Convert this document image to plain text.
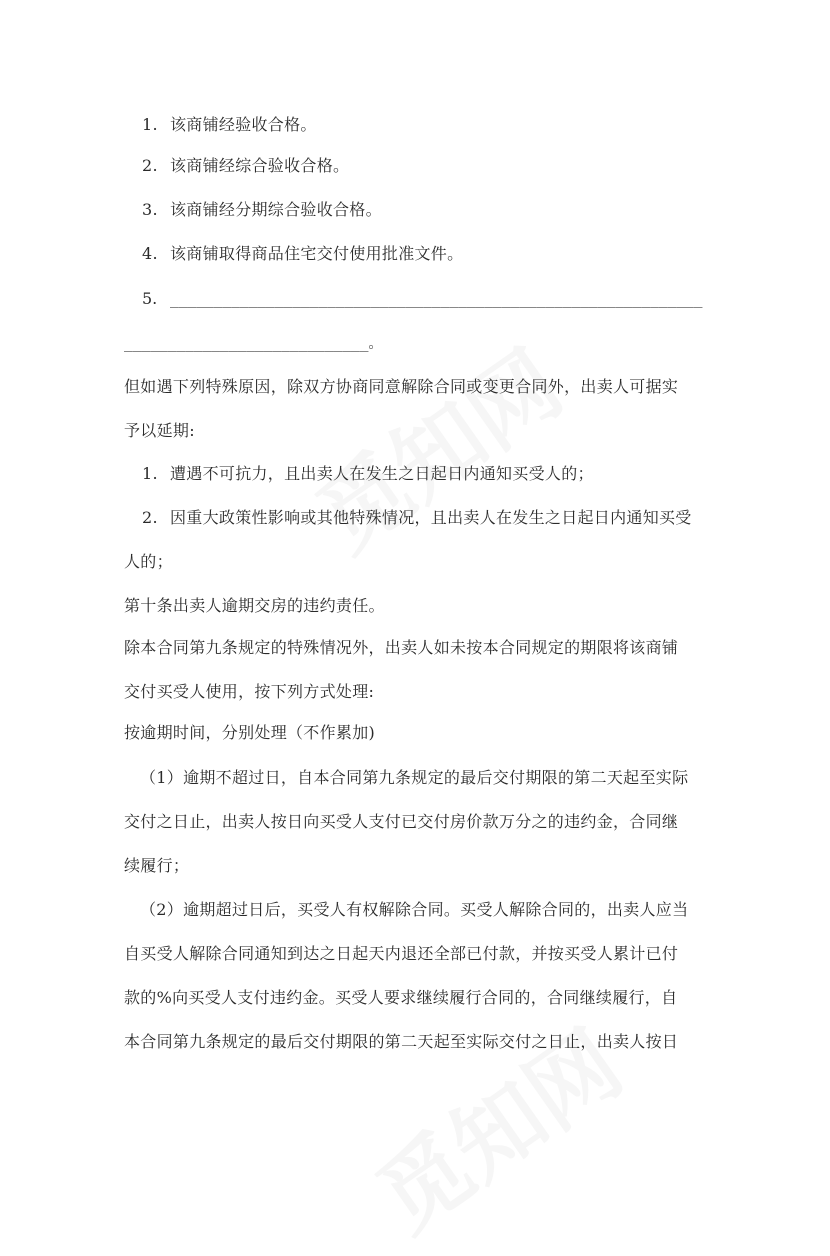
1. 该商铺经验收合格。
2. 该商铺经综合验收合格。
3. 该商铺经分期综合验收合格。
4. 该商铺取得商品住宅交付使用批准文件。
5. _____________________________________________________________
____________________________。
但如遇下列特殊原因，除双方协商同意解除合同或变更合同外，出卖人可据实
予以延期:
1. 遭遇不可抗力，且出卖人在发生之日起日内通知买受人的；
2. 因重大政策性影响或其他特殊情况，且出卖人在发生之日起日内通知买受
人的；
第十条出卖人逾期交房的违约责任。
除本合同第九条规定的特殊情况外，出卖人如未按本合同规定的期限将该商铺
交付买受人使用，按下列方式处理:
按逾期时间，分别处理（不作累加)
（1）逾期不超过日，自本合同第九条规定的最后交付期限的第二天起至实际
交付之日止，出卖人按日向买受人支付已交付房价款万分之的违约金，合同继
续履行；
（2）逾期超过日后，买受人有权解除合同。买受人解除合同的，出卖人应当
自买受人解除合同通知到达之日起天内退还全部已付款，并按买受人累计已付
款的%向买受人支付违约金。买受人要求继续履行合同的，合同继续履行，自
本合同第九条规定的最后交付期限的第二天起至实际交付之日止，出卖人按日
